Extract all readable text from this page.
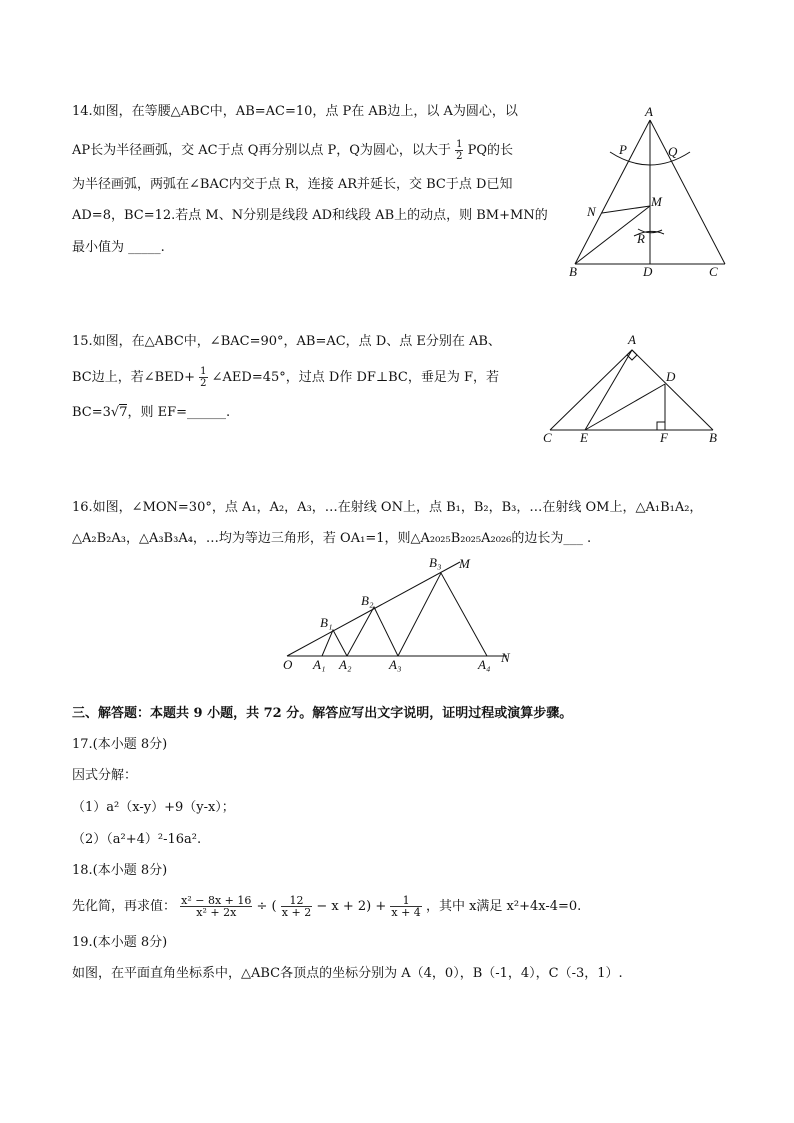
14.如图，在等腰△ABC中，AB=AC=10，点 P在 AB边上，以 A为圆心，以
AP长为半径画弧，交 AC于点 Q再分别以点 P，Q为圆心，以大于 $\frac{1}{2}$ PQ的长
为半径画弧，两弧在∠BAC内交于点 R，连接 AR并延长，交 BC于点 D已知
AD=8，BC=12.若点 M、N分别是线段 AD和线段 AB上的动点，则 BM+MN的
最小值为 _____.
A
P	Q
N
M
R
B	D	C
15.如图，在△ABC中，∠BAC=90°，AB=AC，点 D、点 E分别在 AB、
BC边上，若∠BED+ $\frac{1}{2}$ ∠AED=45°，过点 D作 DF⊥BC，垂足为 F，若
BC=3√7，则 EF=______.
A
D
C E	F	B
16.如图，∠MON=30°，点 A₁，A₂，A₃，…在射线 ON上，点 B₁，B₂，B₃，…在射线 OM上，△A₁B₁A₂，
△A₂B₂A₃，△A₃B₃A₄，…均为等边三角形，若 OA₁=1，则△A₂₀₂₅B₂₀₂₅A₂₀₂₆的边长为___ .
B₃ M
B₂
B₁
O A₁ A₂	A₃	A₄ N
三、解答题：本题共 9 小题，共 72 分。解答应写出文字说明，证明过程或演算步骤。
17.(本小题 8分)
因式分解：
（1）a²（x-y）+9（y-x）；
（2）（a²+4）²-16a².
18.(本小题 8分)
先化简，再求值： $\frac{\text{x² − 8x + 16}}{\text{x² + 2x}}$ ÷ ( $\frac{12}{x + 2} - x + 2) + \frac{1}{x + 4}$ ，其中 x满足 x²+4x-4=0.
19.(本小题 8分)
如图，在平面直角坐标系中，△ABC各顶点的坐标分别为 A（4，0），B（-1，4），C（-3，1）.
